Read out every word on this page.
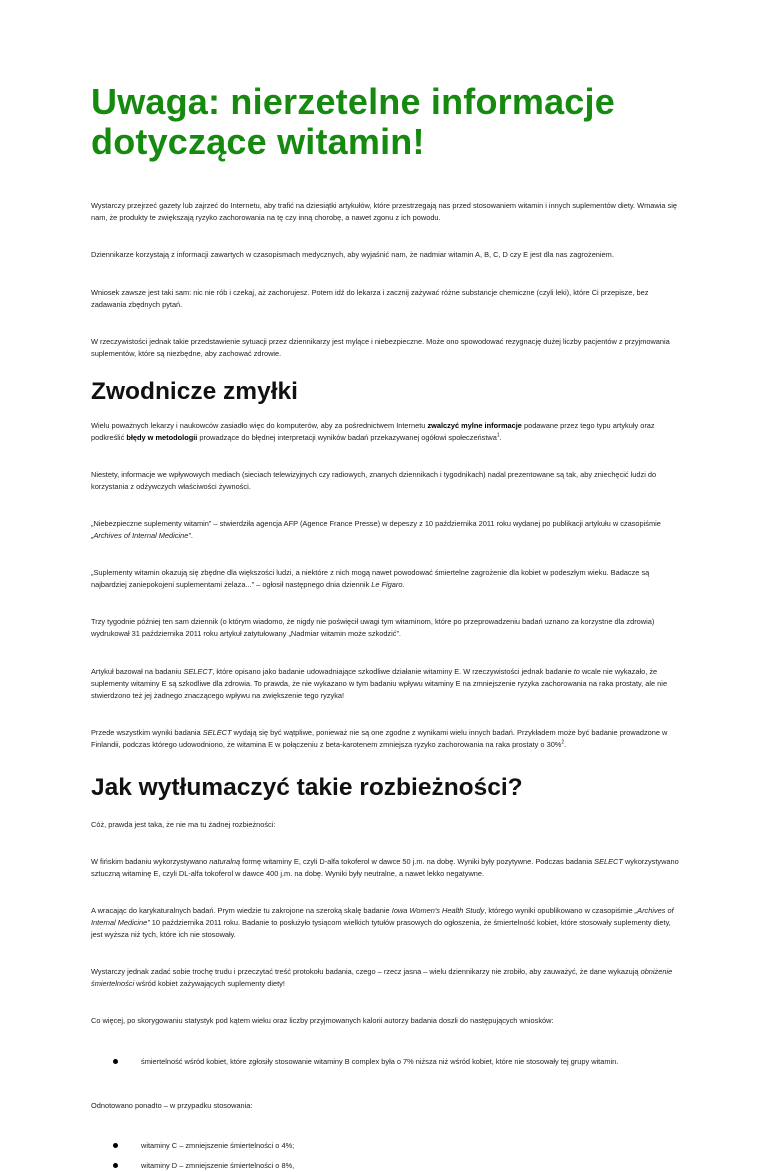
Uwaga: nierzetelne informacje dotyczące witamin!

Wystarczy przejrzeć gazety lub zajrzeć do Internetu, aby trafić na dziesiątki artykułów, które przestrzegają nas przed stosowaniem witamin i innych suplementów diety. Wmawia się nam, że produkty te zwiększają ryzyko zachorowania na tę czy inną chorobę, a nawet zgonu z ich powodu.

Dziennikarze korzystają z informacji zawartych w czasopismach medycznych, aby wyjaśnić nam, że nadmiar witamin A, B, C, D czy E jest dla nas zagrożeniem.

Wniosek zawsze jest taki sam: nic nie rób i czekaj, aż zachorujesz. Potem idź do lekarza i zacznij zażywać różne substancje chemiczne (czyli leki), które Ci przepisze, bez zadawania zbędnych pytań.

W rzeczywistości jednak takie przedstawienie sytuacji przez dziennikarzy jest mylące i niebezpieczne. Może ono spowodować rezygnację dużej liczby pacjentów z przyjmowania suplementów, które są niezbędne, aby zachować zdrowie.

Zwodnicze zmyłki

Wielu poważnych lekarzy i naukowców zasiadło więc do komputerów, aby za pośrednictwem Internetu zwalczyć mylne informacje podawane przez tego typu artykuły oraz podkreślić błędy w metodologii prowadzące do błędnej interpretacji wyników badań przekazywanej ogółowi społeczeństwa$^1$.

Niestety, informacje we wpływowych mediach (sieciach telewizyjnych czy radiowych, znanych dziennikach i tygodnikach) nadal prezentowane są tak, aby zniechęcić ludzi do korzystania z odżywczych właściwości żywności.

„Niebezpieczne suplementy witamin” – stwierdziła agencja AFP (Agence France Presse) w depeszy z 10 października 2011 roku wydanej po publikacji artykułu w czasopiśmie „Archives of Internal Medicine”.

„Suplementy witamin okazują się zbędne dla większości ludzi, a niektóre z nich mogą nawet powodować śmiertelne zagrożenie dla kobiet w podeszłym wieku. Badacze są najbardziej zaniepokojeni suplementami żelaza...” – ogłosił następnego dnia dziennik Le Figaro.

Trzy tygodnie później ten sam dziennik (o którym wiadomo, że nigdy nie poświęcił uwagi tym witaminom, które po przeprowadzeniu badań uznano za korzystne dla zdrowia) wydrukował 31 października 2011 roku artykuł zatytułowany „Nadmiar witamin może szkodzić”.

Artykuł bazował na badaniu SELECT, które opisano jako badanie udowadniające szkodliwe działanie witaminy E. W rzeczywistości jednak badanie to wcale nie wykazało, że suplementy witaminy E są szkodliwe dla zdrowia. To prawda, że nie wykazano w tym badaniu wpływu witaminy E na zmniejszenie ryzyka zachorowania na raka prostaty, ale nie stwierdzono też jej żadnego znaczącego wpływu na zwiększenie tego ryzyka!

Przede wszystkim wyniki badania SELECT wydają się być wątpliwe, ponieważ nie są one zgodne z wynikami wielu innych badań. Przykładem może być badanie prowadzone w Finlandii, podczas którego udowodniono, że witamina E w połączeniu z beta-karotenem zmniejsza ryzyko zachorowania na raka prostaty o 30%$^2$.

Jak wytłumaczyć takie rozbieżności?

Cóż, prawda jest taka, że nie ma tu żadnej rozbieżności:

W fińskim badaniu wykorzystywano naturalną formę witaminy E, czyli D-alfa tokoferol w dawce 50 j.m. na dobę. Wyniki były pozytywne. Podczas badania SELECT wykorzystywano sztuczną witaminę E, czyli DL-alfa tokoferol w dawce 400 j.m. na dobę. Wyniki były neutralne, a nawet lekko negatywne.

A wracając do karykaturalnych badań. Prym wiedzie tu zakrojone na szeroką skalę badanie Iowa Women's Health Study, którego wyniki opublikowano w czasopiśmie „Archives of Internal Medicine” 10 października 2011 roku. Badanie to posłużyło tysiącom wielkich tytułów prasowych do ogłoszenia, że śmiertelność kobiet, które stosowały suplementy diety, jest wyższa niż tych, które ich nie stosowały.

Wystarczy jednak zadać sobie trochę trudu i przeczytać treść protokołu badania, czego – rzecz jasna – wielu dziennikarzy nie zrobiło, aby zauważyć, że dane wykazują obniżenie śmiertelności wśród kobiet zażywających suplementy diety!

Co więcej, po skorygowaniu statystyk pod kątem wieku oraz liczby przyjmowanych kalorii autorzy badania doszli do następujących wniosków:

śmiertelność wśród kobiet, które zgłosiły stosowanie witaminy B complex była o 7% niższa niż wśród kobiet, które nie stosowały tej grupy witamin.

Odnotowano ponadto – w przypadku stosowania:

witaminy C – zmniejszenie śmiertelności o 4%;
witaminy D – zmniejszenie śmiertelności o 8%,
